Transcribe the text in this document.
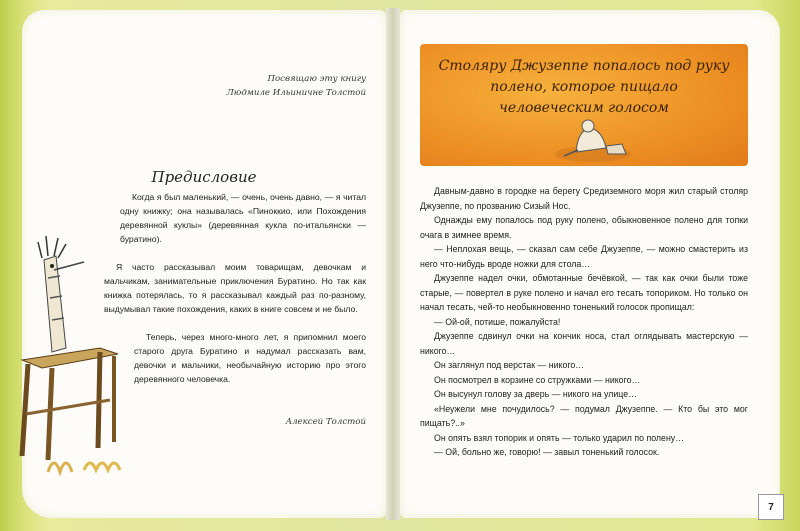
Посвящаю эту книгу
Людмиле Ильиничне Толстой
Предисловие

Когда я был маленький, — очень, очень давно, — я читал одну книжку; она называлась «Пиноккио, или Похождения деревянной куклы» (деревянная кукла по-итальянски — буратино).

Я часто рассказывал моим товарищам, девочкам и мальчикам, занимательные приключения Буратино. Но так как книжка потерялась, то я рассказывал каждый раз по-разному, выдумывал такие похождения, каких в книге совсем и не было.

Теперь, через много-много лет, я припомнил моего старого друга Буратино и надумал рассказать вам, девочки и мальчики, необычайную историю про этого деревянного человечка.

Алексей Толстой
Столяру Джузеппе попалось под руку
полено, которое пищало
человеческим голосом

Давным-давно в городке на берегу Средиземного моря жил старый столяр Джузеппе, по прозванию Сизый Нос.

Однажды ему попалось под руку полено, обыкновенное полено для топки очага в зимнее время.

— Неплохая вещь, — сказал сам себе Джузеппе, — можно смастерить из него что-нибудь вроде ножки для стола…

Джузеппе надел очки, обмотанные бечёвкой, — так как очки были тоже старые, — повертел в руке полено и начал его тесать топориком. Но только он начал тесать, чей-то необыкновенно тоненький голосок пропищал:

— Ой-ой, потише, пожалуйста!

Джузеппе сдвинул очки на кончик носа, стал оглядывать мастерскую — никого…

Он заглянул под верстак — никого…

Он посмотрел в корзине со стружками — никого…

Он высунул голову за дверь — никого на улице…

«Неужели мне почудилось? — подумал Джузеппе. — Кто бы это мог пищать?..»

Он опять взял топорик и опять — только ударил по полену…

— Ой, больно же, говорю! — завыл тоненький голосок.

7
